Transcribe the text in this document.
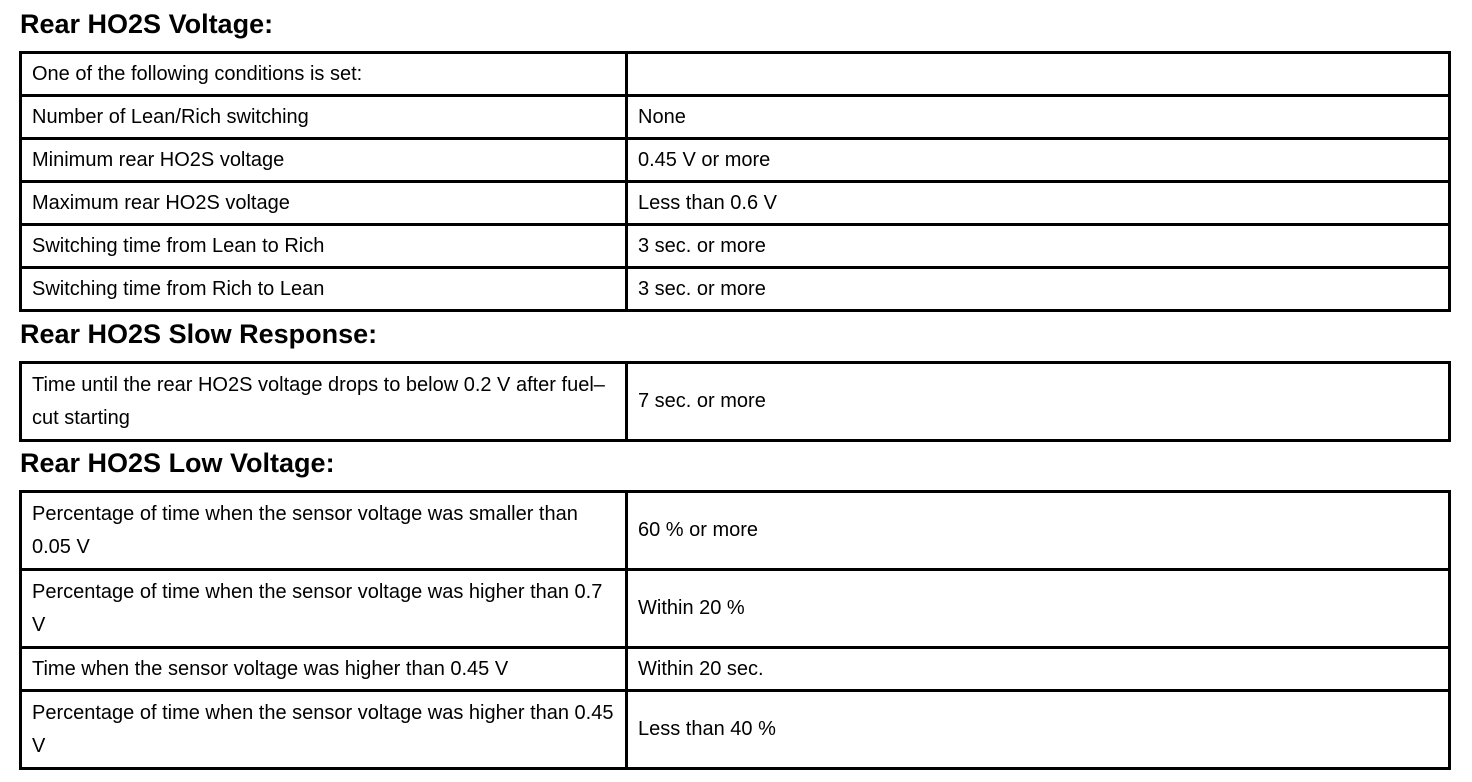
Rear HO2S Voltage:
One of the following conditions is set:	
Number of Lean/Rich switching	None
Minimum rear HO2S voltage	0.45 V or more
Maximum rear HO2S voltage	Less than 0.6 V
Switching time from Lean to Rich	3 sec. or more
Switching time from Rich to Lean	3 sec. or more
Rear HO2S Slow Response:
Time until the rear HO2S voltage drops to below 0.2 V after fuel–cut starting	7 sec. or more
Rear HO2S Low Voltage:
Percentage of time when the sensor voltage was smaller than 0.05 V	60 % or more
Percentage of time when the sensor voltage was higher than 0.7 V	Within 20 %
Time when the sensor voltage was higher than 0.45 V	Within 20 sec.
Percentage of time when the sensor voltage was higher than 0.45 V	Less than 40 %
